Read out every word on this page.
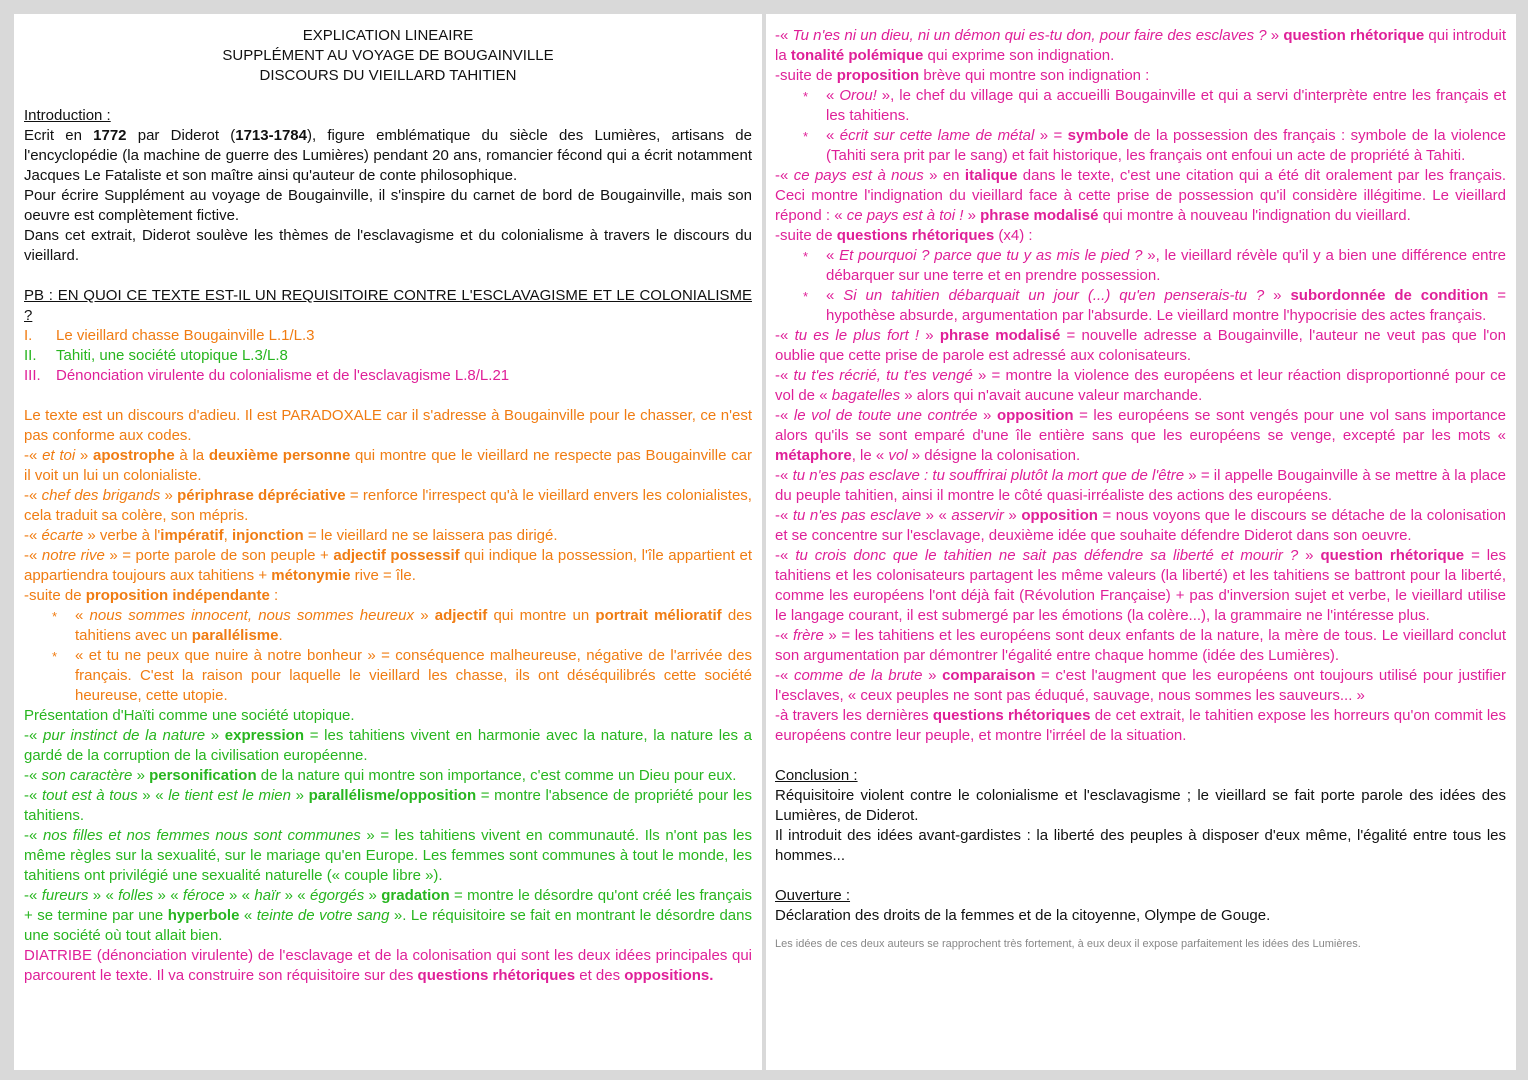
EXPLICATION LINEAIRE
SUPPLÉMENT AU VOYAGE DE BOUGAINVILLE
DISCOURS DU VIEILLARD TAHITIEN
Introduction :

Ecrit en 1772 par Diderot (1713-1784), figure emblématique du siècle des Lumières, artisans de l'encyclopédie (la machine de guerre des Lumières) pendant 20 ans, romancier fécond qui a écrit notamment Jacques Le Fataliste et son maître ainsi qu'auteur de conte philosophique.

Pour écrire Supplément au voyage de Bougainville, il s'inspire du carnet de bord de Bougainville, mais son oeuvre est complètement fictive.

Dans cet extrait, Diderot soulève les thèmes de l'esclavagisme et du colonialisme à travers le discours du vieillard.

PB : EN QUOI CE TEXTE EST-IL UN REQUISITOIRE CONTRE L'ESCLAVAGISME ET LE COLONIALISME ?

I. Le vieillard chasse Bougainville L.1/L.3
II. Tahiti, une société utopique L.3/L.8
III. Dénonciation virulente du colonialisme et de l'esclavagisme L.8/L.21

Le texte est un discours d'adieu. Il est PARADOXALE car il s'adresse à Bougainville pour le chasser, ce n'est pas conforme aux codes.

-« et toi » apostrophe à la deuxième personne qui montre que le vieillard ne respecte pas Bougainville car il voit un lui un colonialiste.

-« chef des brigands » périphrase dépréciative = renforce l'irrespect qu'à le vieillard envers les colonialistes, cela traduit sa colère, son mépris.

-« écarte » verbe à l'impératif, injonction = le vieillard ne se laissera pas dirigé.

-« notre rive » = porte parole de son peuple + adjectif possessif qui indique la possession, l'île appartient et appartiendra toujours aux tahitiens + métonymie rive = île.

-suite de proposition indépendante :

* « nous sommes innocent, nous sommes heureux » adjectif qui montre un portrait mélioratif des tahitiens avec un parallélisme.
* « et tu ne peux que nuire à notre bonheur » = conséquence malheureuse, négative de l'arrivée des français. C'est la raison pour laquelle le vieillard les chasse, ils ont déséquilibrés cette société heureuse, cette utopie.

Présentation d'Haïti comme une société utopique.

-« pur instinct de la nature » expression = les tahitiens vivent en harmonie avec la nature, la nature les a gardé de la corruption de la civilisation européenne.

-« son caractère » personification de la nature qui montre son importance, c'est comme un Dieu pour eux.

-« tout est à tous » « le tient est le mien » parallélisme/opposition = montre l'absence de propriété pour les tahitiens.

-« nos filles et nos femmes nous sont communes » = les tahitiens vivent en communauté. Ils n'ont pas les même règles sur la sexualité, sur le mariage qu'en Europe. Les femmes sont communes à tout le monde, les tahitiens ont privilégié une sexualité naturelle (« couple libre »).

-« fureurs » « folles » « féroce » « haïr » « égorgés » gradation = montre le désordre qu'ont créé les français + se termine par une hyperbole « teinte de votre sang ». Le réquisitoire se fait en montrant le désordre dans une société où tout allait bien.

DIATRIBE (dénonciation virulente) de l'esclavage et de la colonisation qui sont les deux idées principales qui parcourent le texte. Il va construire son réquisitoire sur des questions rhétoriques et des oppositions.

-« Tu n'es ni un dieu, ni un démon qui es-tu don, pour faire des esclaves ? » question rhétorique qui introduit la tonalité polémique qui exprime son indignation.

-suite de proposition brève qui montre son indignation :

* « Orou! », le chef du village qui a accueilli Bougainville et qui a servi d'interprète entre les français et les tahitiens.
* « écrit sur cette lame de métal » = symbole de la possession des français : symbole de la violence (Tahiti sera prit par le sang) et fait historique, les français ont enfoui un acte de propriété à Tahiti.

-« ce pays est à nous » en italique dans le texte, c'est une citation qui a été dit oralement par les français. Ceci montre l'indignation du vieillard face à cette prise de possession qu'il considère illégitime. Le vieillard répond : « ce pays est à toi ! » phrase modalisé qui montre à nouveau l'indignation du vieillard.

-suite de questions rhétoriques (x4) :

* « Et pourquoi ? parce que tu y as mis le pied ? », le vieillard révèle qu'il y a bien une différence entre débarquer sur une terre et en prendre possession.
* « Si un tahitien débarquait un jour (...) qu'en penserais-tu ? » subordonnée de condition = hypothèse absurde, argumentation par l'absurde. Le vieillard montre l'hypocrisie des actes français.

-« tu es le plus fort ! » phrase modalisé = nouvelle adresse a Bougainville, l'auteur ne veut pas que l'on oublie que cette prise de parole est adressé aux colonisateurs.

-« tu t'es récrié, tu t'es vengé » = montre la violence des européens et leur réaction disproportionné pour ce vol de « bagatelles » alors qui n'avait aucune valeur marchande.

-« le vol de toute une contrée » opposition = les européens se sont vengés pour une vol sans importance alors qu'ils se sont emparé d'une île entière sans que les européens se venge, excepté par les mots « métaphore, le « vol » désigne la colonisation.

-« tu n'es pas esclave : tu souffrirai plutôt la mort que de l'être » = il appelle Bougainville à se mettre à la place du peuple tahitien, ainsi il montre le côté quasi-irréaliste des actions des européens.

-« tu n'es pas esclave » « asservir » opposition = nous voyons que le discours se détache de la colonisation et se concentre sur l'esclavage, deuxième idée que souhaite défendre Diderot dans son oeuvre.

-« tu crois donc que le tahitien ne sait pas défendre sa liberté et mourir ? » question rhétorique = les tahitiens et les colonisateurs partagent les même valeurs (la liberté) et les tahitiens se battront pour la liberté, comme les européens l'ont déjà fait (Révolution Française) + pas d'inversion sujet et verbe, le vieillard utilise le langage courant, il est submergé par les émotions (la colère...), la grammaire ne l'intéresse plus.

-« frère » = les tahitiens et les européens sont deux enfants de la nature, la mère de tous. Le vieillard conclut son argumentation par démontrer l'égalité entre chaque homme (idée des Lumières).

-« comme de la brute » comparaison = c'est l'augment que les européens ont toujours utilisé pour justifier l'esclaves, « ceux peuples ne sont pas éduqué, sauvage, nous sommes les sauveurs... »

-à travers les dernières questions rhétoriques de cet extrait, le tahitien expose les horreurs qu'on commit les européens contre leur peuple, et montre l'irréel de la situation.

Conclusion :

Réquisitoire violent contre le colonialisme et l'esclavagisme ; le vieillard se fait porte parole des idées des Lumières, de Diderot.

Il introduit des idées avant-gardistes : la liberté des peuples à disposer d'eux même, l'égalité entre tous les hommes...

Ouverture :

Déclaration des droits de la femmes et de la citoyenne, Olympe de Gouge.

Les idées de ces deux auteurs se rapprochent très fortement, à eux deux il expose parfaitement les idées des Lumières.
